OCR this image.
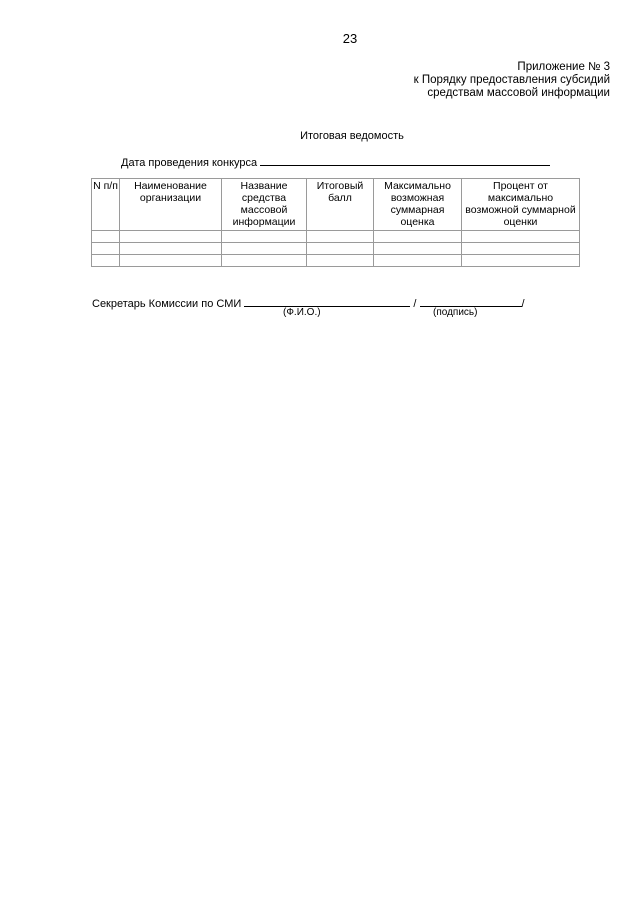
23
Приложение № 3
к Порядку предоставления субсидий
средствам массовой информации
Итоговая ведомость
Дата проведения конкурса
N п/п	Наименование организации	Название средства массовой информации	Итоговый балл	Максимально возможная суммарная оценка	Процент от максимально возможной суммарной оценки

Секретарь Комиссии по СМИ	/	/
(Ф.И.О.)	(подпись)
